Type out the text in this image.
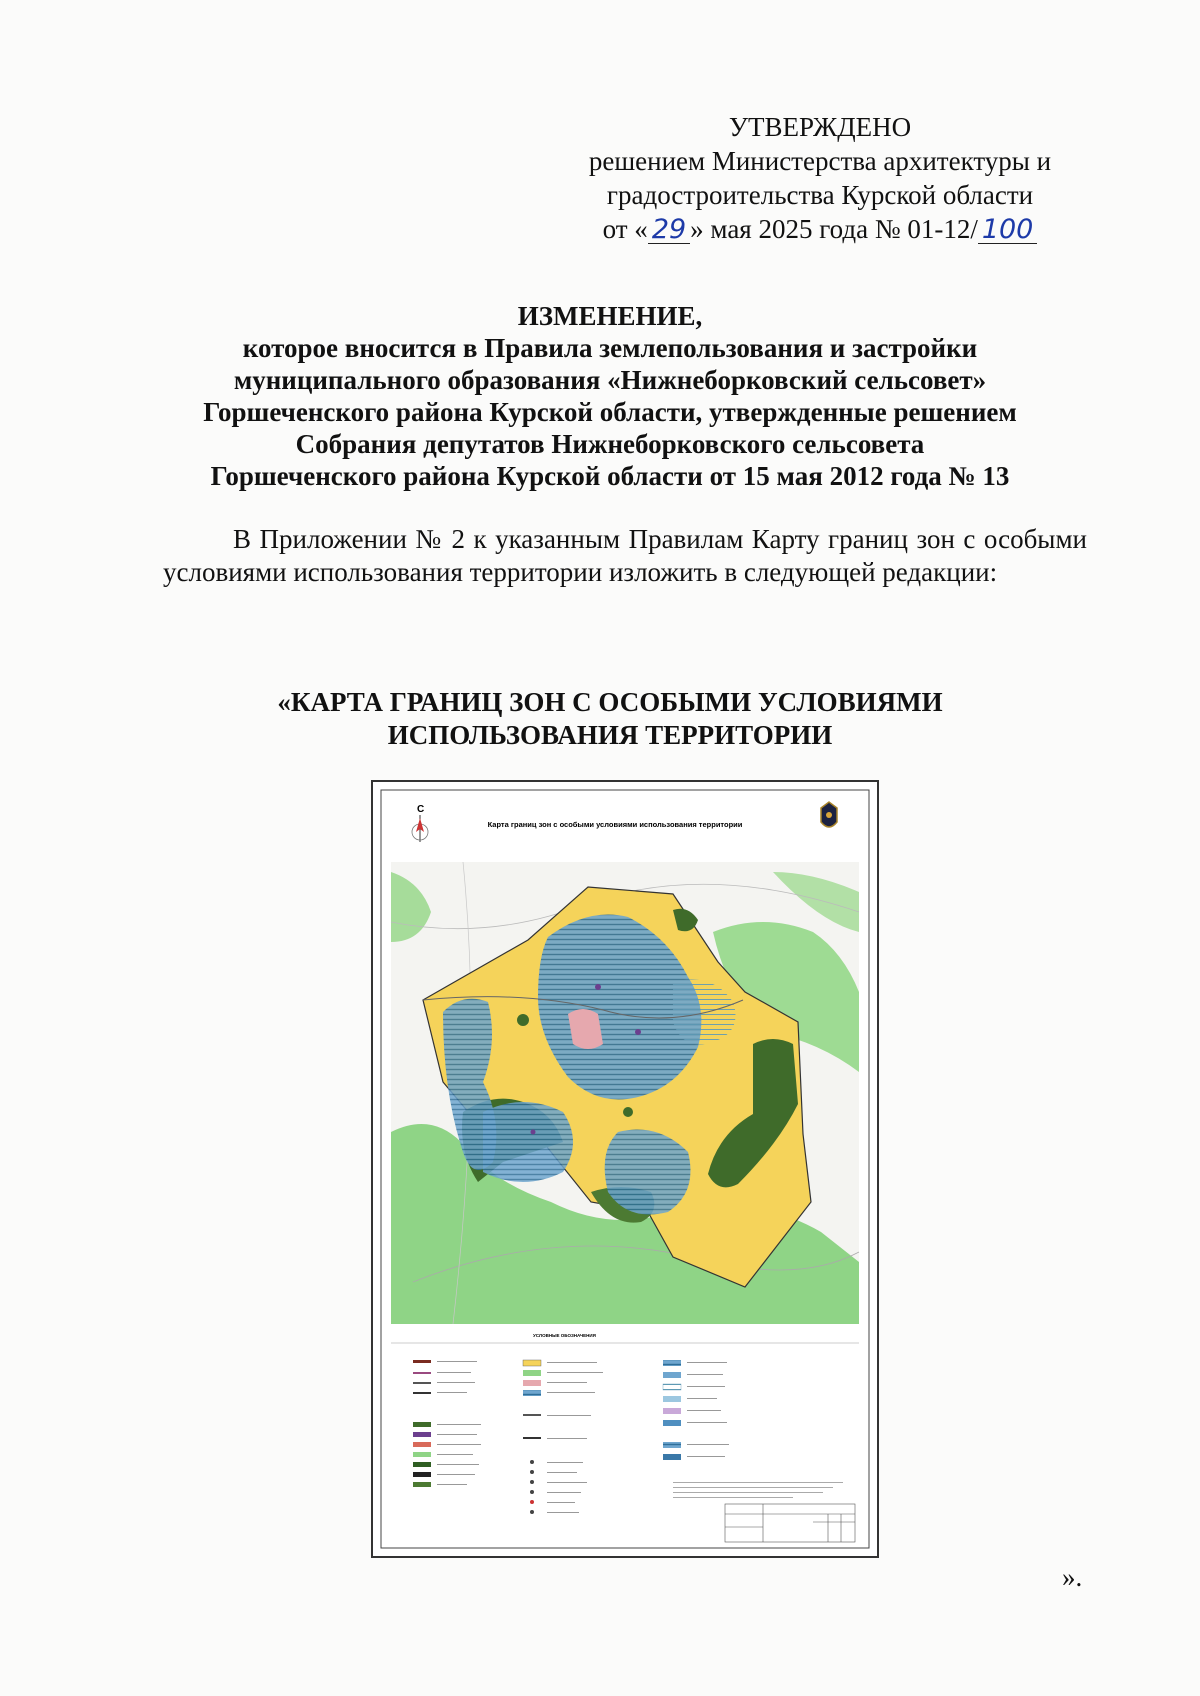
УТВЕРЖДЕНО
решением Министерства архитектуры и
градостроительства Курской области
от « 29 » мая 2025 года № 01-12/ 100
ИЗМЕНЕНИЕ,
которое вносится в Правила землепользования и застройки
муниципального образования «Нижнеборковский сельсовет»
Горшеченского района Курской области, утвержденные решением
Собрания депутатов Нижнеборковского сельсовета
Горшеченского района Курской области от 15 мая 2012 года № 13

В Приложении № 2 к указанным Правилам Карту границ зон с особыми условиями использования территории изложить в следующей редакции:

«КАРТА ГРАНИЦ ЗОН С ОСОБЫМИ УСЛОВИЯМИ
ИСПОЛЬЗОВАНИЯ ТЕРРИТОРИИ
С
Карта границ зон с особыми условиями использования территории
УСЛОВНЫЕ ОБОЗНАЧЕНИЯ
».
